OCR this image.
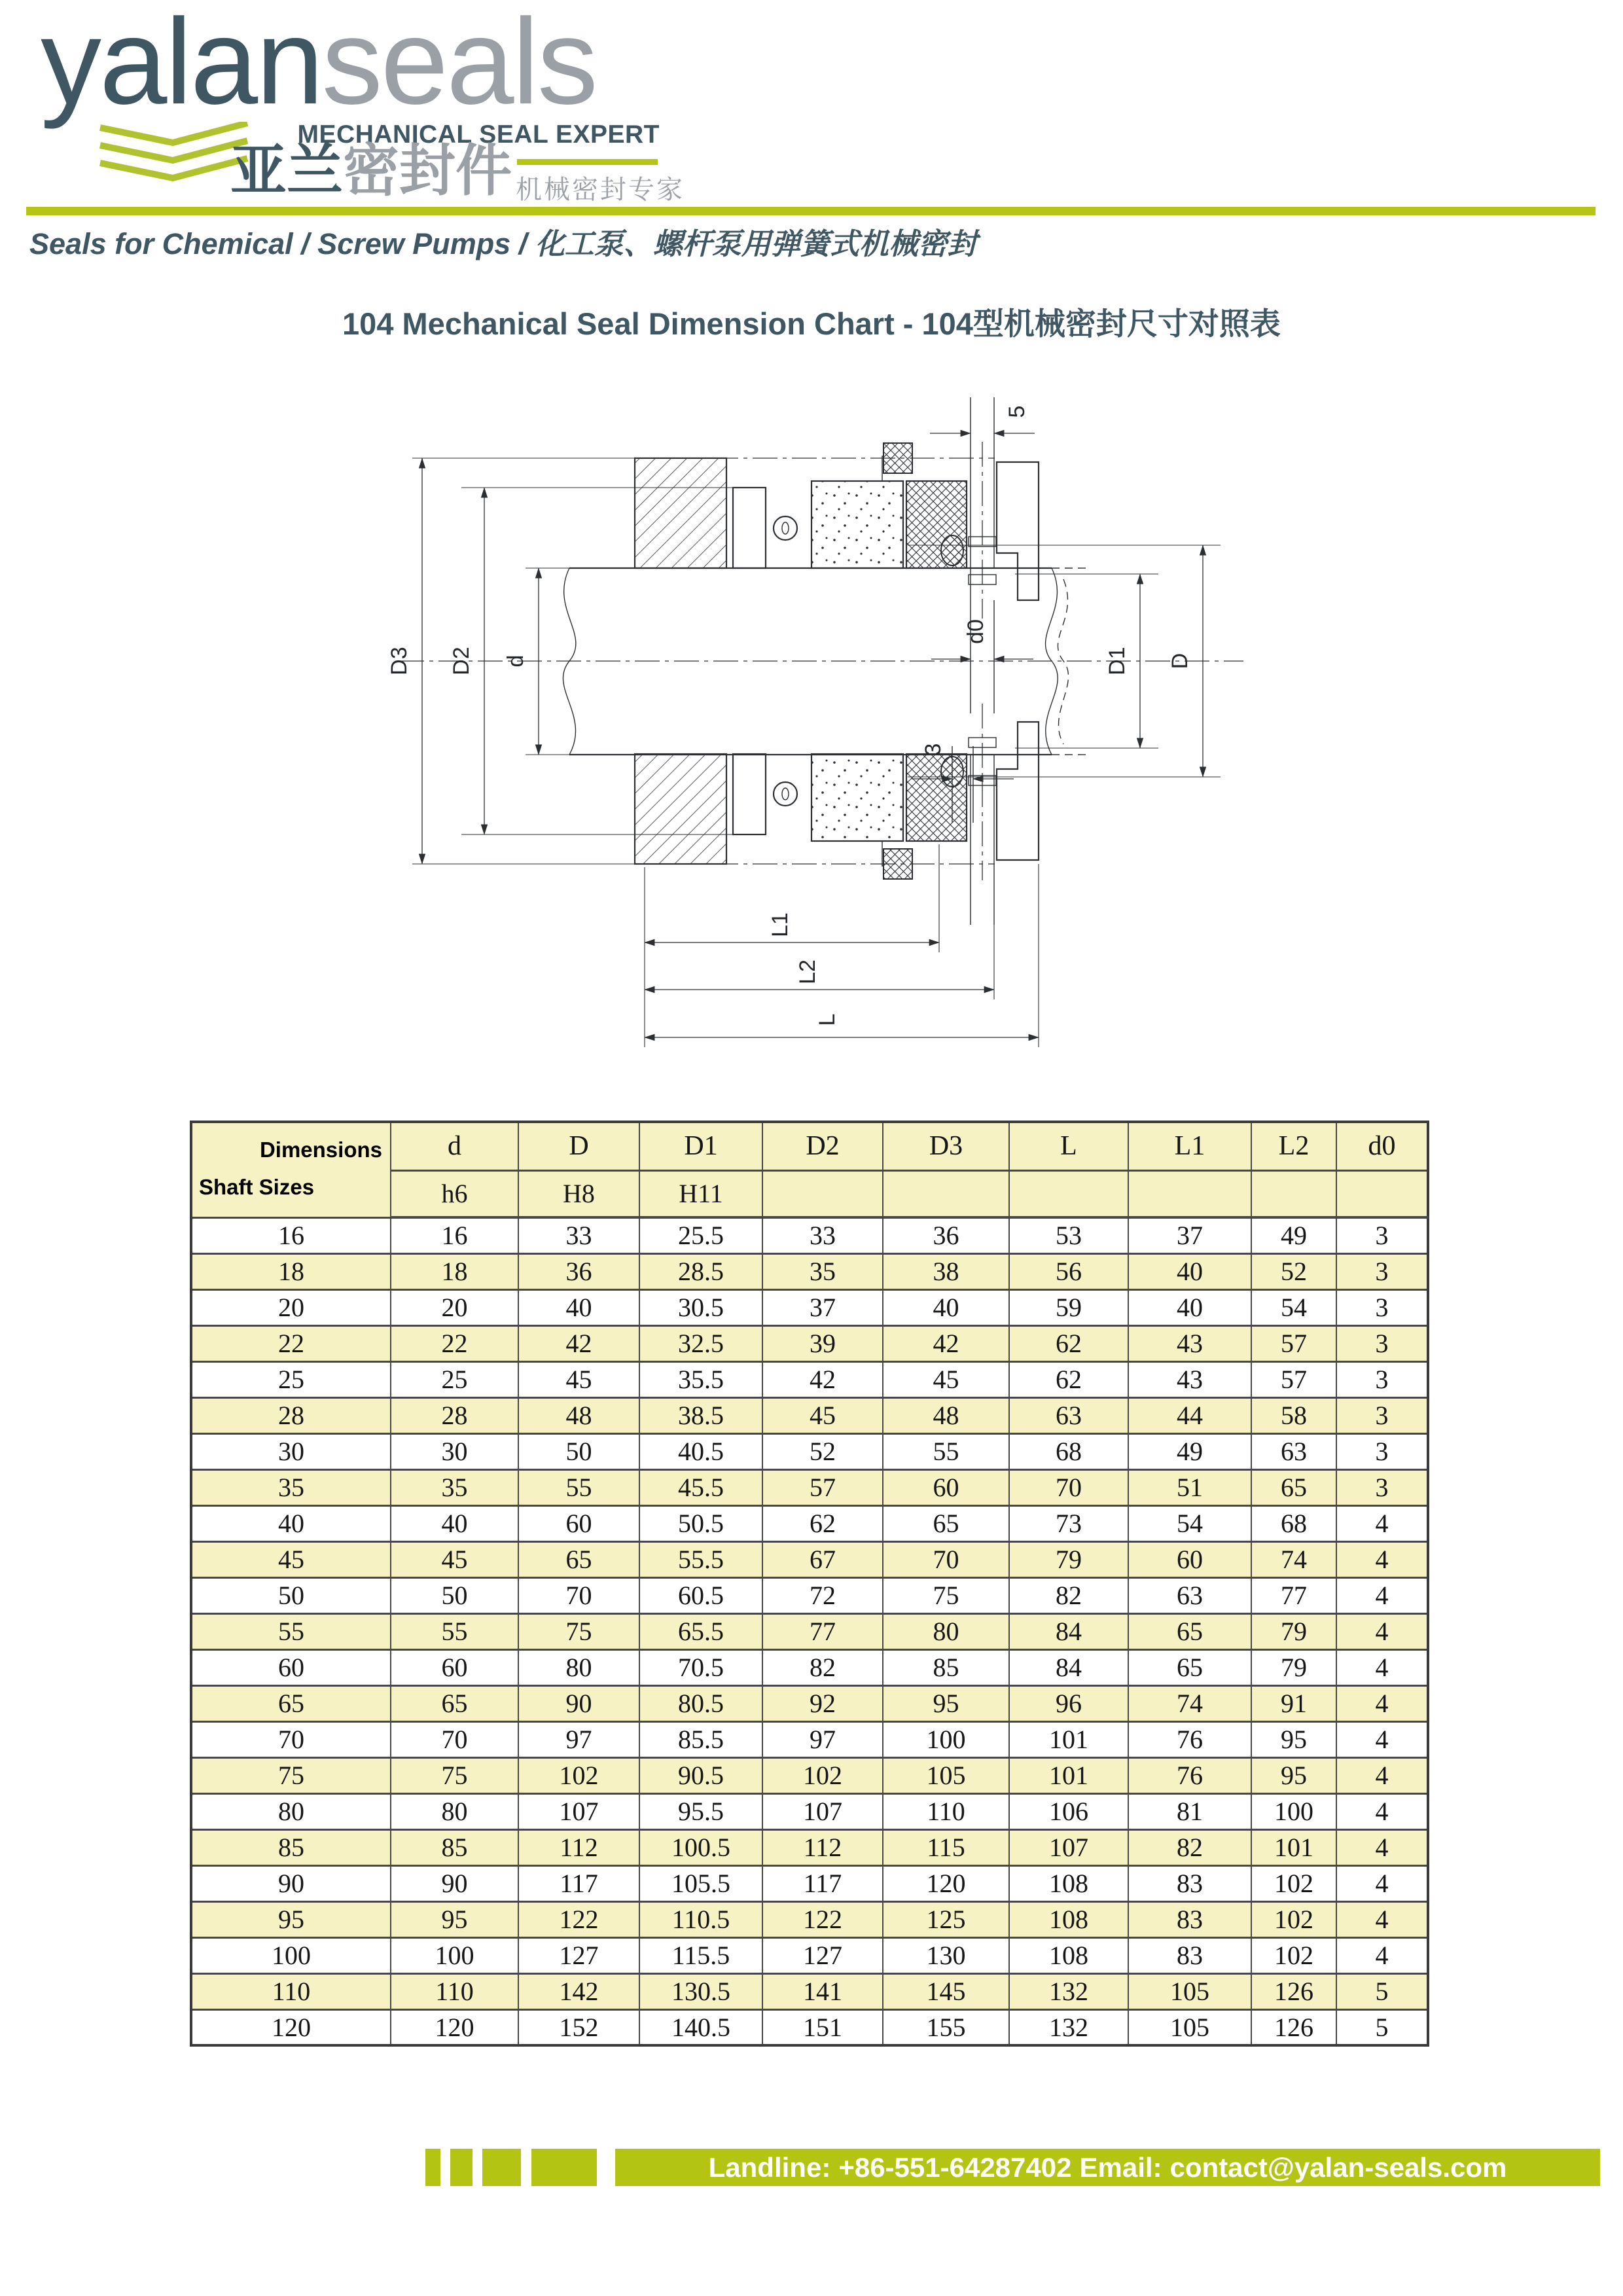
yalanseals
MECHANICAL SEAL EXPERT
亚兰密封件 机械密封专家
Seals for Chemical / Screw Pumps / 化工泵、螺杆泵用弹簧式机械密封
104 Mechanical Seal Dimension Chart - 104型机械密封尺寸对照表
D3 D2 d	D1 D
5
d0
3
L1
L2
L
Dimensions
Shaft Sizes	d	D	D1	D2	D3	L	L1	L2	d0
	h6	H8	H11						
16	16	33	25.5	33	36	53	37	49	3
18	18	36	28.5	35	38	56	40	52	3
20	20	40	30.5	37	40	59	40	54	3
22	22	42	32.5	39	42	62	43	57	3
25	25	45	35.5	42	45	62	43	57	3
28	28	48	38.5	45	48	63	44	58	3
30	30	50	40.5	52	55	68	49	63	3
35	35	55	45.5	57	60	70	51	65	3
40	40	60	50.5	62	65	73	54	68	4
45	45	65	55.5	67	70	79	60	74	4
50	50	70	60.5	72	75	82	63	77	4
55	55	75	65.5	77	80	84	65	79	4
60	60	80	70.5	82	85	84	65	79	4
65	65	90	80.5	92	95	96	74	91	4
70	70	97	85.5	97	100	101	76	95	4
75	75	102	90.5	102	105	101	76	95	4
80	80	107	95.5	107	110	106	81	100	4
85	85	112	100.5	112	115	107	82	101	4
90	90	117	105.5	117	120	108	83	102	4
95	95	122	110.5	122	125	108	83	102	4
100	100	127	115.5	127	130	108	83	102	4
110	110	142	130.5	141	145	132	105	126	5
120	120	152	140.5	151	155	132	105	126	5
Landline: +86-551-64287402 Email: contact@yalan-seals.com
